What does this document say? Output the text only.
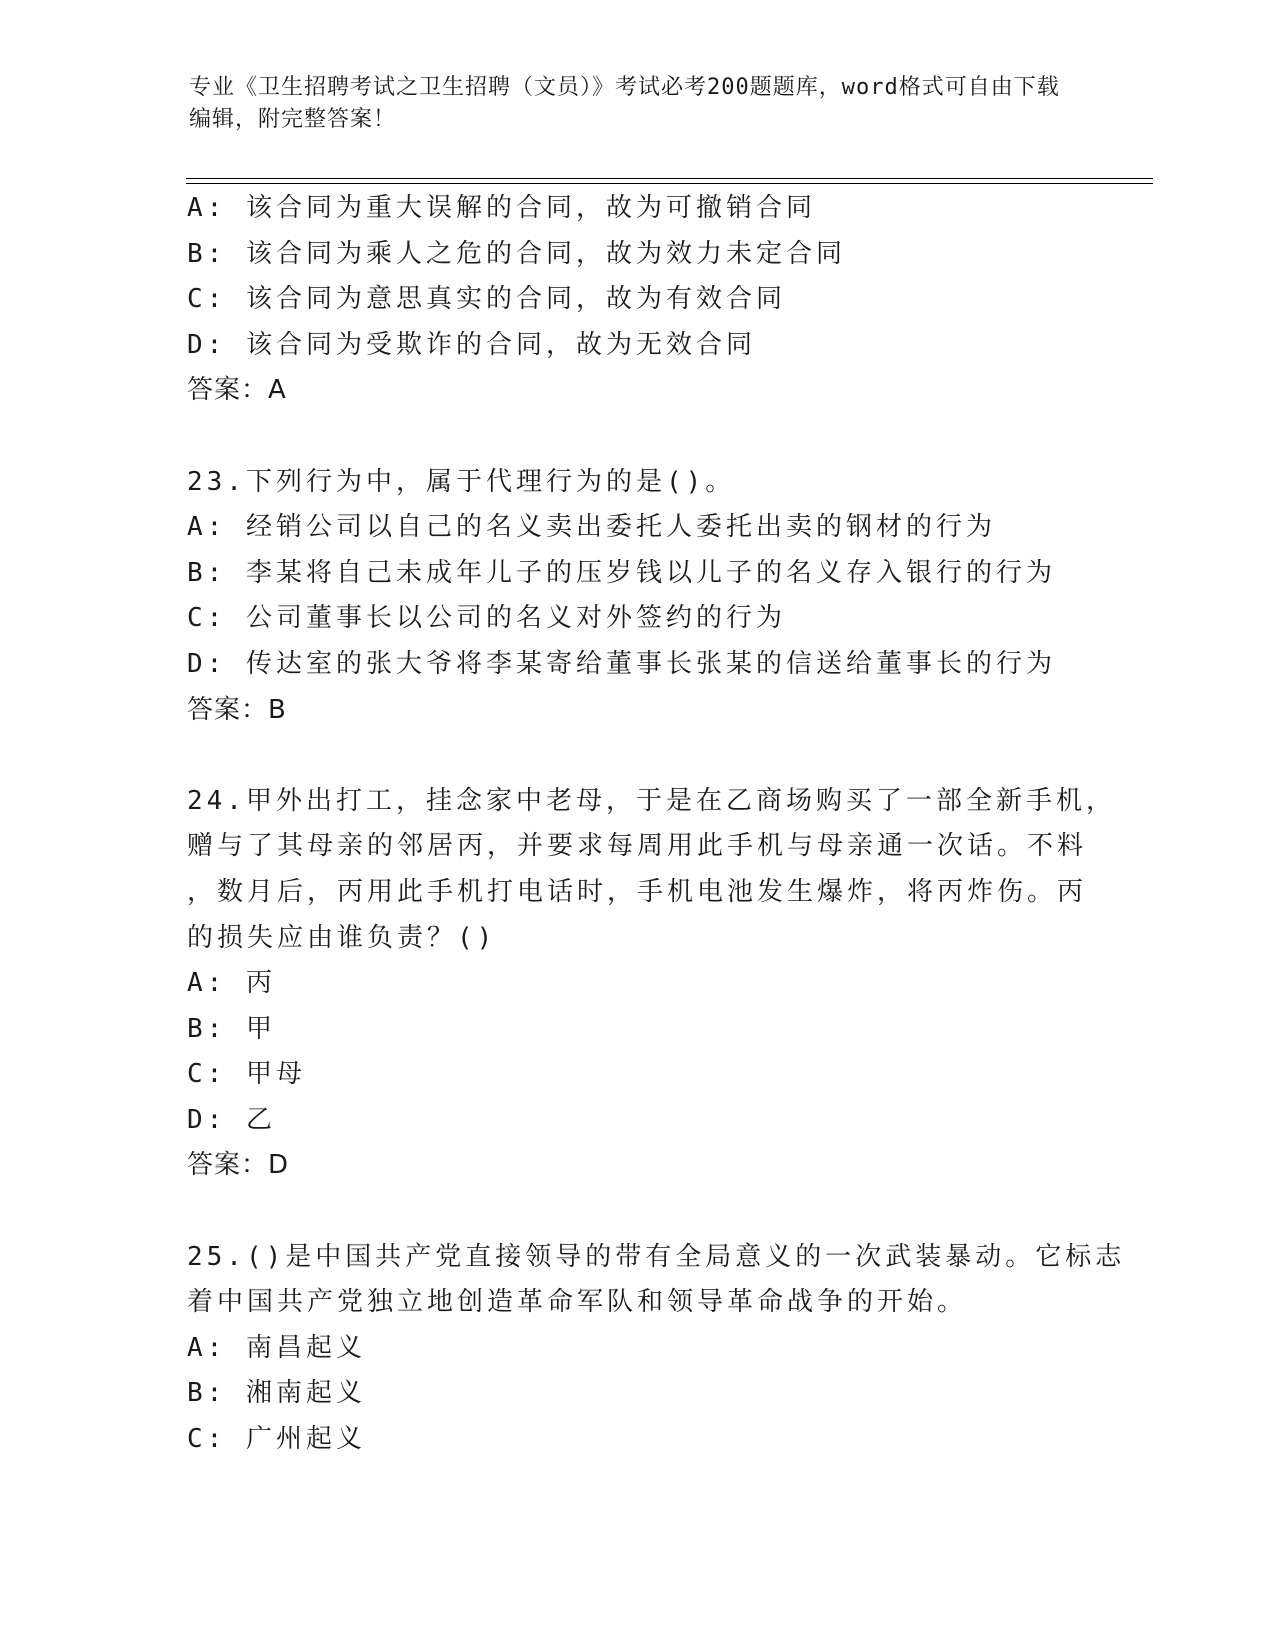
专业《卫生招聘考试之卫生招聘（文员）》考试必考200题题库，word格式可自由下载编辑，附完整答案！
A: 该合同为重大误解的合同，故为可撤销合同
B: 该合同为乘人之危的合同，故为效力未定合同
C: 该合同为意思真实的合同，故为有效合同
D: 该合同为受欺诈的合同，故为无效合同
答案：A
23.下列行为中，属于代理行为的是()。
A: 经销公司以自己的名义卖出委托人委托出卖的钢材的行为
B: 李某将自己未成年儿子的压岁钱以儿子的名义存入银行的行为
C: 公司董事长以公司的名义对外签约的行为
D: 传达室的张大爷将李某寄给董事长张某的信送给董事长的行为
答案：B
24.甲外出打工，挂念家中老母，于是在乙商场购买了一部全新手机，
赠与了其母亲的邻居丙，并要求每周用此手机与母亲通一次话。不料
，数月后，丙用此手机打电话时，手机电池发生爆炸，将丙炸伤。丙
的损失应由谁负责？()
A: 丙
B: 甲
C: 甲母
D: 乙
答案：D
25.()是中国共产党直接领导的带有全局意义的一次武装暴动。它标志
着中国共产党独立地创造革命军队和领导革命战争的开始。
A: 南昌起义
B: 湘南起义
C: 广州起义
